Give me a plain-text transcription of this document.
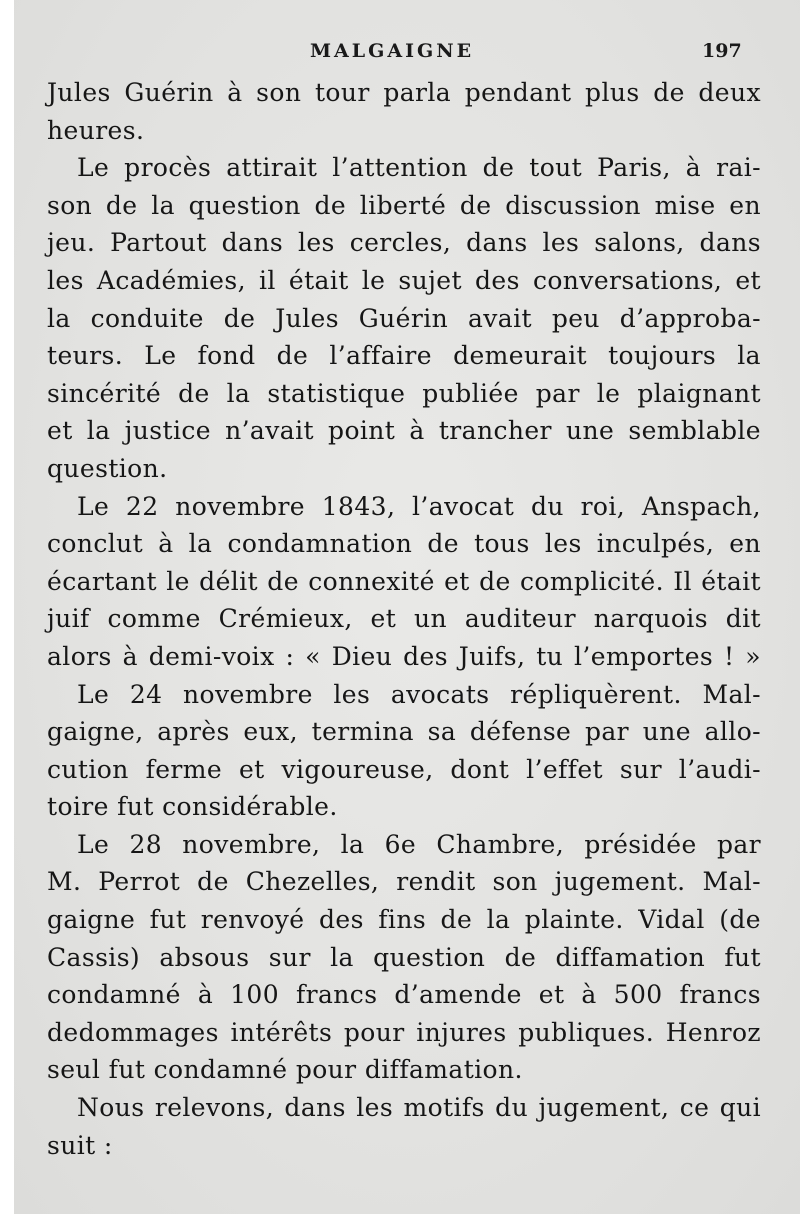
MALGAIGNE	197
Jules Guérin à son tour parla pendant plus de deux
heures.
Le procès attirait l’attention de tout Paris, à rai-
son de la question de liberté de discussion mise en
jeu. Partout dans les cercles, dans les salons, dans
les Académies, il était le sujet des conversations, et
la conduite de Jules Guérin avait peu d’approba-
teurs. Le fond de l’affaire demeurait toujours la
sincérité de la statistique publiée par le plaignant
et la justice n’avait point à trancher une semblable
question.
Le 22 novembre 1843, l’avocat du roi, Anspach,
conclut à la condamnation de tous les inculpés, en
écartant le délit de connexité et de complicité. Il était
juif comme Crémieux, et un auditeur narquois dit
alors à demi-voix : « Dieu des Juifs, tu l’emportes ! »
Le 24 novembre les avocats répliquèrent. Mal-
gaigne, après eux, termina sa défense par une allo-
cution ferme et vigoureuse, dont l’effet sur l’audi-
toire fut considérable.
Le 28 novembre, la 6e Chambre, présidée par
M. Perrot de Chezelles, rendit son jugement. Mal-
gaigne fut renvoyé des fins de la plainte. Vidal (de
Cassis) absous sur la question de diffamation fut
condamné à 100 francs d’amende et à 500 francs
dedommages intérêts pour injures publiques. Henroz
seul fut condamné pour diffamation.
Nous relevons, dans les motifs du jugement, ce qui
suit :
